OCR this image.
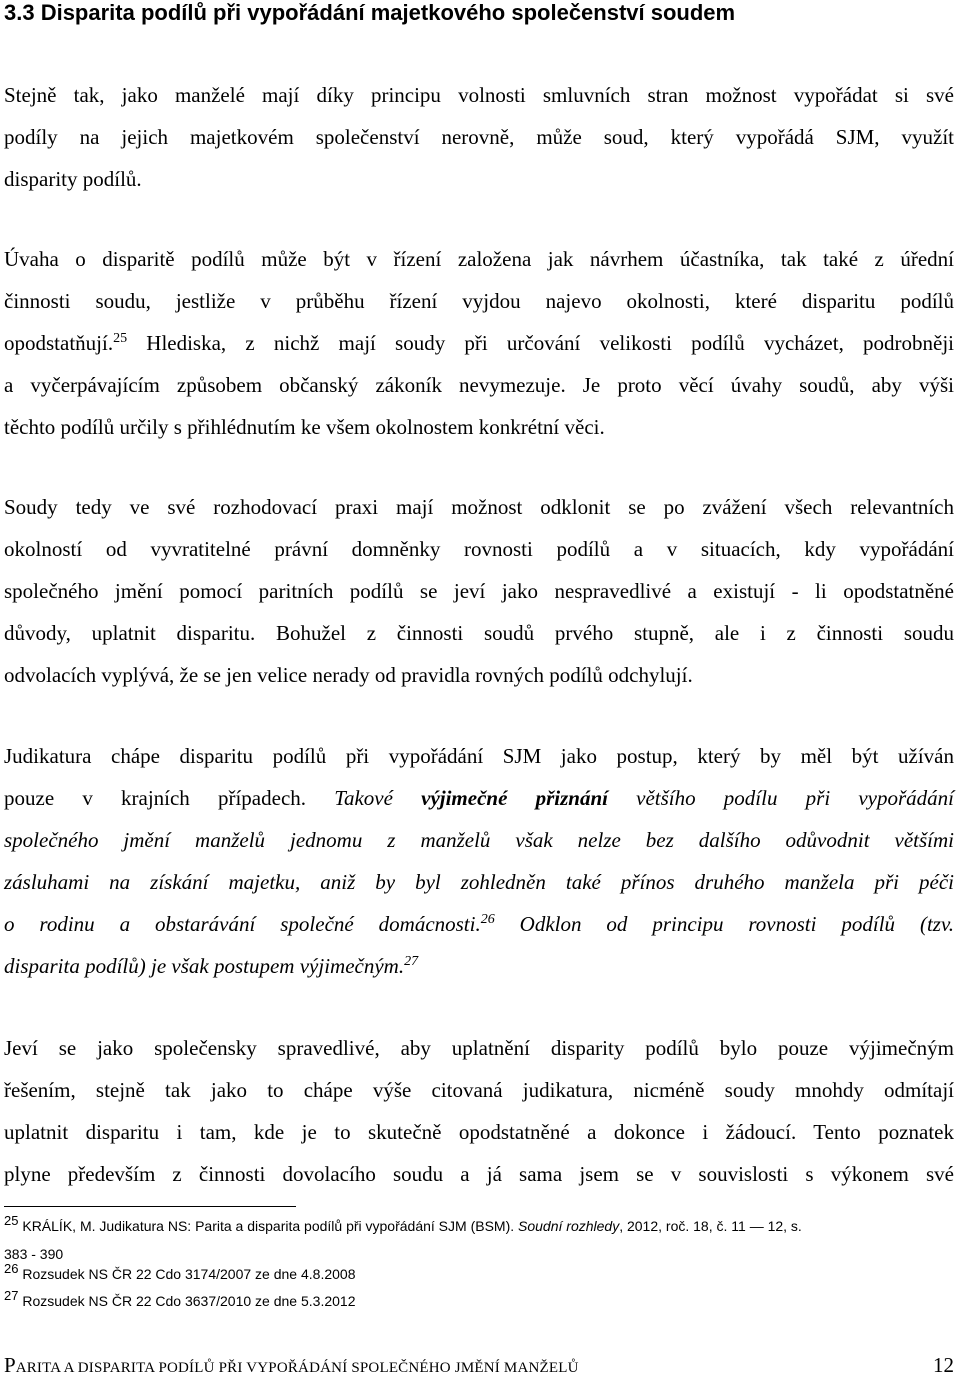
3.3 Disparita podílů při vypořádání majetkového společenství soudem
Stejně tak, jako manželé mají díky principu volnosti smluvních stran možnost vypořádat si své
podíly na jejich majetkovém společenství nerovně, může soud, který vypořádá SJM, využít
disparity podílů.
Úvaha o disparitě podílů může být v řízení založena jak návrhem účastníka, tak také z úřední
činnosti soudu, jestliže v průběhu řízení vyjdou najevo okolnosti, které disparitu podílů
opodstatňují.$^{25}$ Hlediska, z nichž mají soudy při určování velikosti podílů vycházet, podrobněji
a vyčerpávajícím způsobem občanský zákoník nevymezuje. Je proto věcí úvahy soudů, aby výši
těchto podílů určily s přihlédnutím ke všem okolnostem konkrétní věci.
Soudy tedy ve své rozhodovací praxi mají možnost odklonit se po zvážení všech relevantních
okolností od vyvratitelné právní domněnky rovnosti podílů a v situacích, kdy vypořádání
společného jmění pomocí paritních podílů se jeví jako nespravedlivé a existují - li opodstatněné
důvody, uplatnit disparitu. Bohužel z činnosti soudů prvého stupně, ale i z činnosti soudu
odvolacích vyplývá, že se jen velice nerady od pravidla rovných podílů odchylují.
Judikatura chápe disparitu podílů při vypořádání SJM jako postup, který by měl být užíván
pouze v krajních případech. Takové výjimečné přiznání většího podílu při vypořádání
společného jmění manželů jednomu z manželů však nelze bez dalšího odůvodnit většími
zásluhami na získání majetku, aniž by byl zohledněn také přínos druhého manžela při péči
o rodinu a obstarávání společné domácnosti.$^{26}$ Odklon od principu rovnosti podílů (tzv.
disparita podílů) je však postupem výjimečným.$^{27}$
Jeví se jako společensky spravedlivé, aby uplatnění disparity podílů bylo pouze výjimečným
řešením, stejně tak jako to chápe výše citovaná judikatura, nicméně soudy mnohdy odmítají
uplatnit disparitu i tam, kde je to skutečně opodstatněné a dokonce i žádoucí. Tento poznatek
plyne především z činnosti dovolacího soudu a já sama jsem se v souvislosti s výkonem své

$^{25}$ KRÁLÍK, M. Judikatura NS: Parita a disparita podílů při vypořádání SJM (BSM). Soudní rozhledy, 2012, roč. 18, č. 11 — 12, s.

383 - 390

$^{26}$ Rozsudek NS ČR 22 Cdo 3174/2007 ze dne 4.8.2008

$^{27}$ Rozsudek NS ČR 22 Cdo 3637/2010 ze dne 5.3.2012

PARITA A DISPARITA PODÍLŮ PŘI VYPOŘÁDÁNÍ SPOLEČNÉHO JMĚNÍ MANŽELŮ	12
